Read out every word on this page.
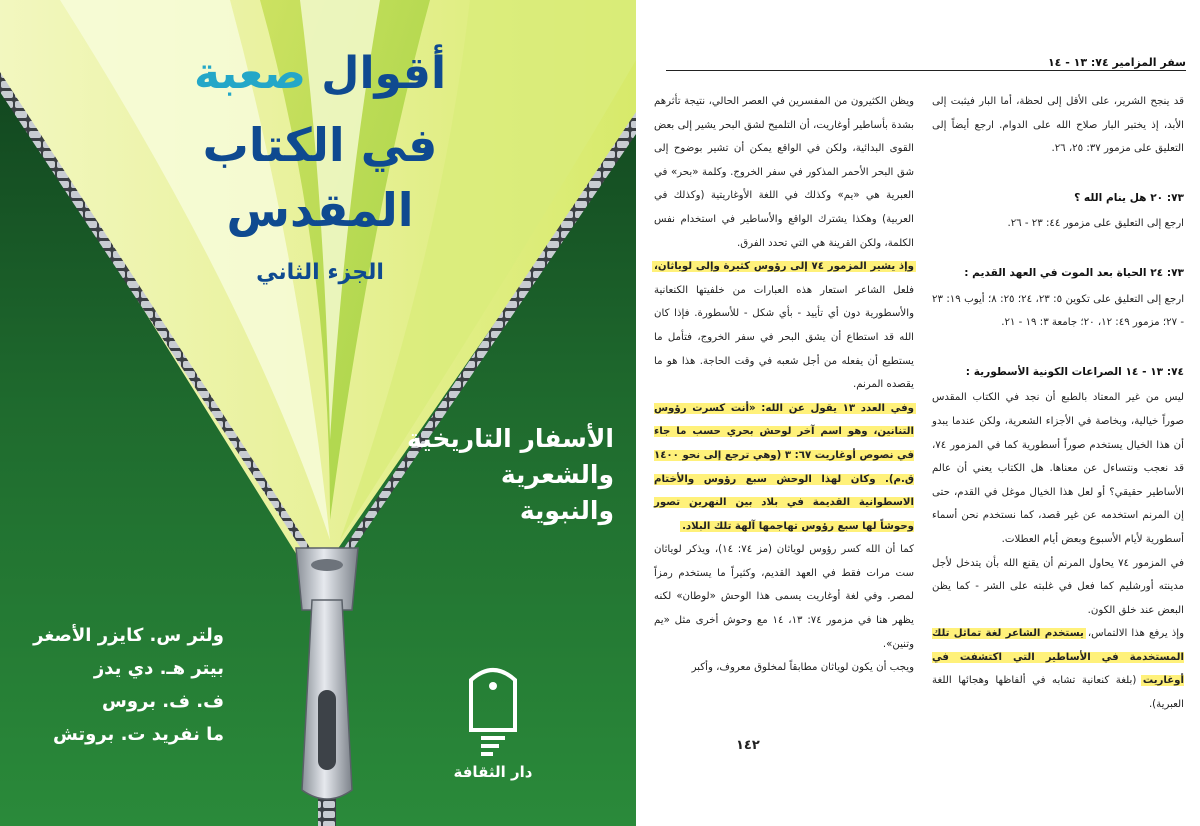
أقوال صعبة
في الكتاب
المقدس
الجزء الثاني
الأسفار التاريخية
والشعرية
والنبوية
ولتر س. كايزر الأصغر
بيتر هـ. دي يدز
ف. ف. بروس
ما نفريد ت. بروتش
دار الثقافة
سفر المزامير ٧٤: ١٣ - ١٤

قد ينجح الشرير، على الأقل إلى لحظة، أما البار فيثبت إلى الأبد، إذ يختبر البار صلاح الله على الدوام. ارجع أيضاً إلى التعليق على مزمور ٣٧: ٢٥، ٢٦.

٧٣: ٢٠ هل ينام الله ؟

ارجع إلى التعليق على مزمور ٤٤: ٢٣ - ٢٦.

٧٣: ٢٤ الحياة بعد الموت في العهد القديم :

ارجع إلى التعليق على تكوين ٥: ٢٣، ٢٤؛ ٢٥: ٨؛ أيوب ١٩: ٢٣ - ٢٧؛ مزمور ٤٩: ١٢، ٢٠؛ جامعة ٣: ١٩ - ٢١.

٧٤: ١٣ - ١٤ الصراعات الكونية الأسطورية :

ليس من غير المعتاد بالطبع أن نجد في الكتاب المقدس صوراً خيالية، وبخاصة في الأجزاء الشعرية، ولكن عندما يبدو أن هذا الخيال يستخدم صوراً أسطورية كما في المزمور ٧٤، قد نعجب ونتساءل عن معناها. هل الكتاب يعني أن عالم الأساطير حقيقي؟ أو لعل هذا الخيال موغل في القدم، حتى إن المرنم استخدمه عن غير قصد، كما نستخدم نحن أسماء أسطورية لأيام الأسبوع وبعض أيام العطلات.

في المزمور ٧٤ يحاول المرنم أن يقنع الله بأن يتدخل لأجل مدينته أورشليم كما فعل في غلبته على الشر - كما يظن البعض عند خلق الكون.

وإذ يرفع هذا الالتماس، يستخدم الشاعر لغة تماثل تلك المستخدمة في الأساطير التي اكتشفت في أوغاريت (بلغة كنعانية تشابه في ألفاظها وهجائها اللغة العبرية).

ويظن الكثيرون من المفسرين في العصر الحالي، نتيجة تأثرهم بشدة بأساطير أوغاريت، أن التلميح لشق البحر يشير إلى بعض القوى البدائية، ولكن في الواقع يمكن أن تشير بوضوح إلى شق البحر الأحمر المذكور في سفر الخروج. وكلمة «بحر» في العبرية هي «يم» وكذلك في اللغة الأوغاريتية (وكذلك في العربية) وهكذا يشترك الواقع والأساطير في استخدام نفس الكلمة، ولكن القرينة هي التي تحدد الفرق.

وإذ يشير المزمور ٧٤ إلى رؤوس كثيرة وإلى لوياثان، فلعل الشاعر استعار هذه العبارات من خلفيتها الكنعانية والأسطورية دون أي تأييد - بأي شكل - للأسطورة. فإذا كان الله قد استطاع أن يشق البحر في سفر الخروج، فتأمل ما يستطيع أن يفعله من أجل شعبه في وقت الحاجة. هذا هو ما يقصده المرنم.

وفي العدد ١٣ يقول عن الله: «أنت كسرت رؤوس التنانين، وهو اسم آخر لوحش بحري حسب ما جاء في نصوص أوغاريت ٦٧: ٣ (وهي ترجع إلى نحو ١٤٠٠ ق.م). وكان لهذا الوحش سبع رؤوس والأختام الاسطوانية القديمة في بلاد بين النهرين تصور وحوشاً لها سبع رؤوس تهاجمها آلهة تلك البلاد.

كما أن الله كسر رؤوس لوياثان (مز ٧٤: ١٤)، ويذكر لوياثان ست مرات فقط في العهد القديم، وكثيراً ما يستخدم رمزاً لمصر. وفي لغة أوغاريت يسمى هذا الوحش «لوطان» لكنه يظهر هنا في مزمور ٧٤: ١٣، ١٤ مع وحوش أخرى مثل «يم وتنين».

ويجب أن يكون لوياثان مطابقاً لمخلوق معروف، وأكبر

١٤٢
